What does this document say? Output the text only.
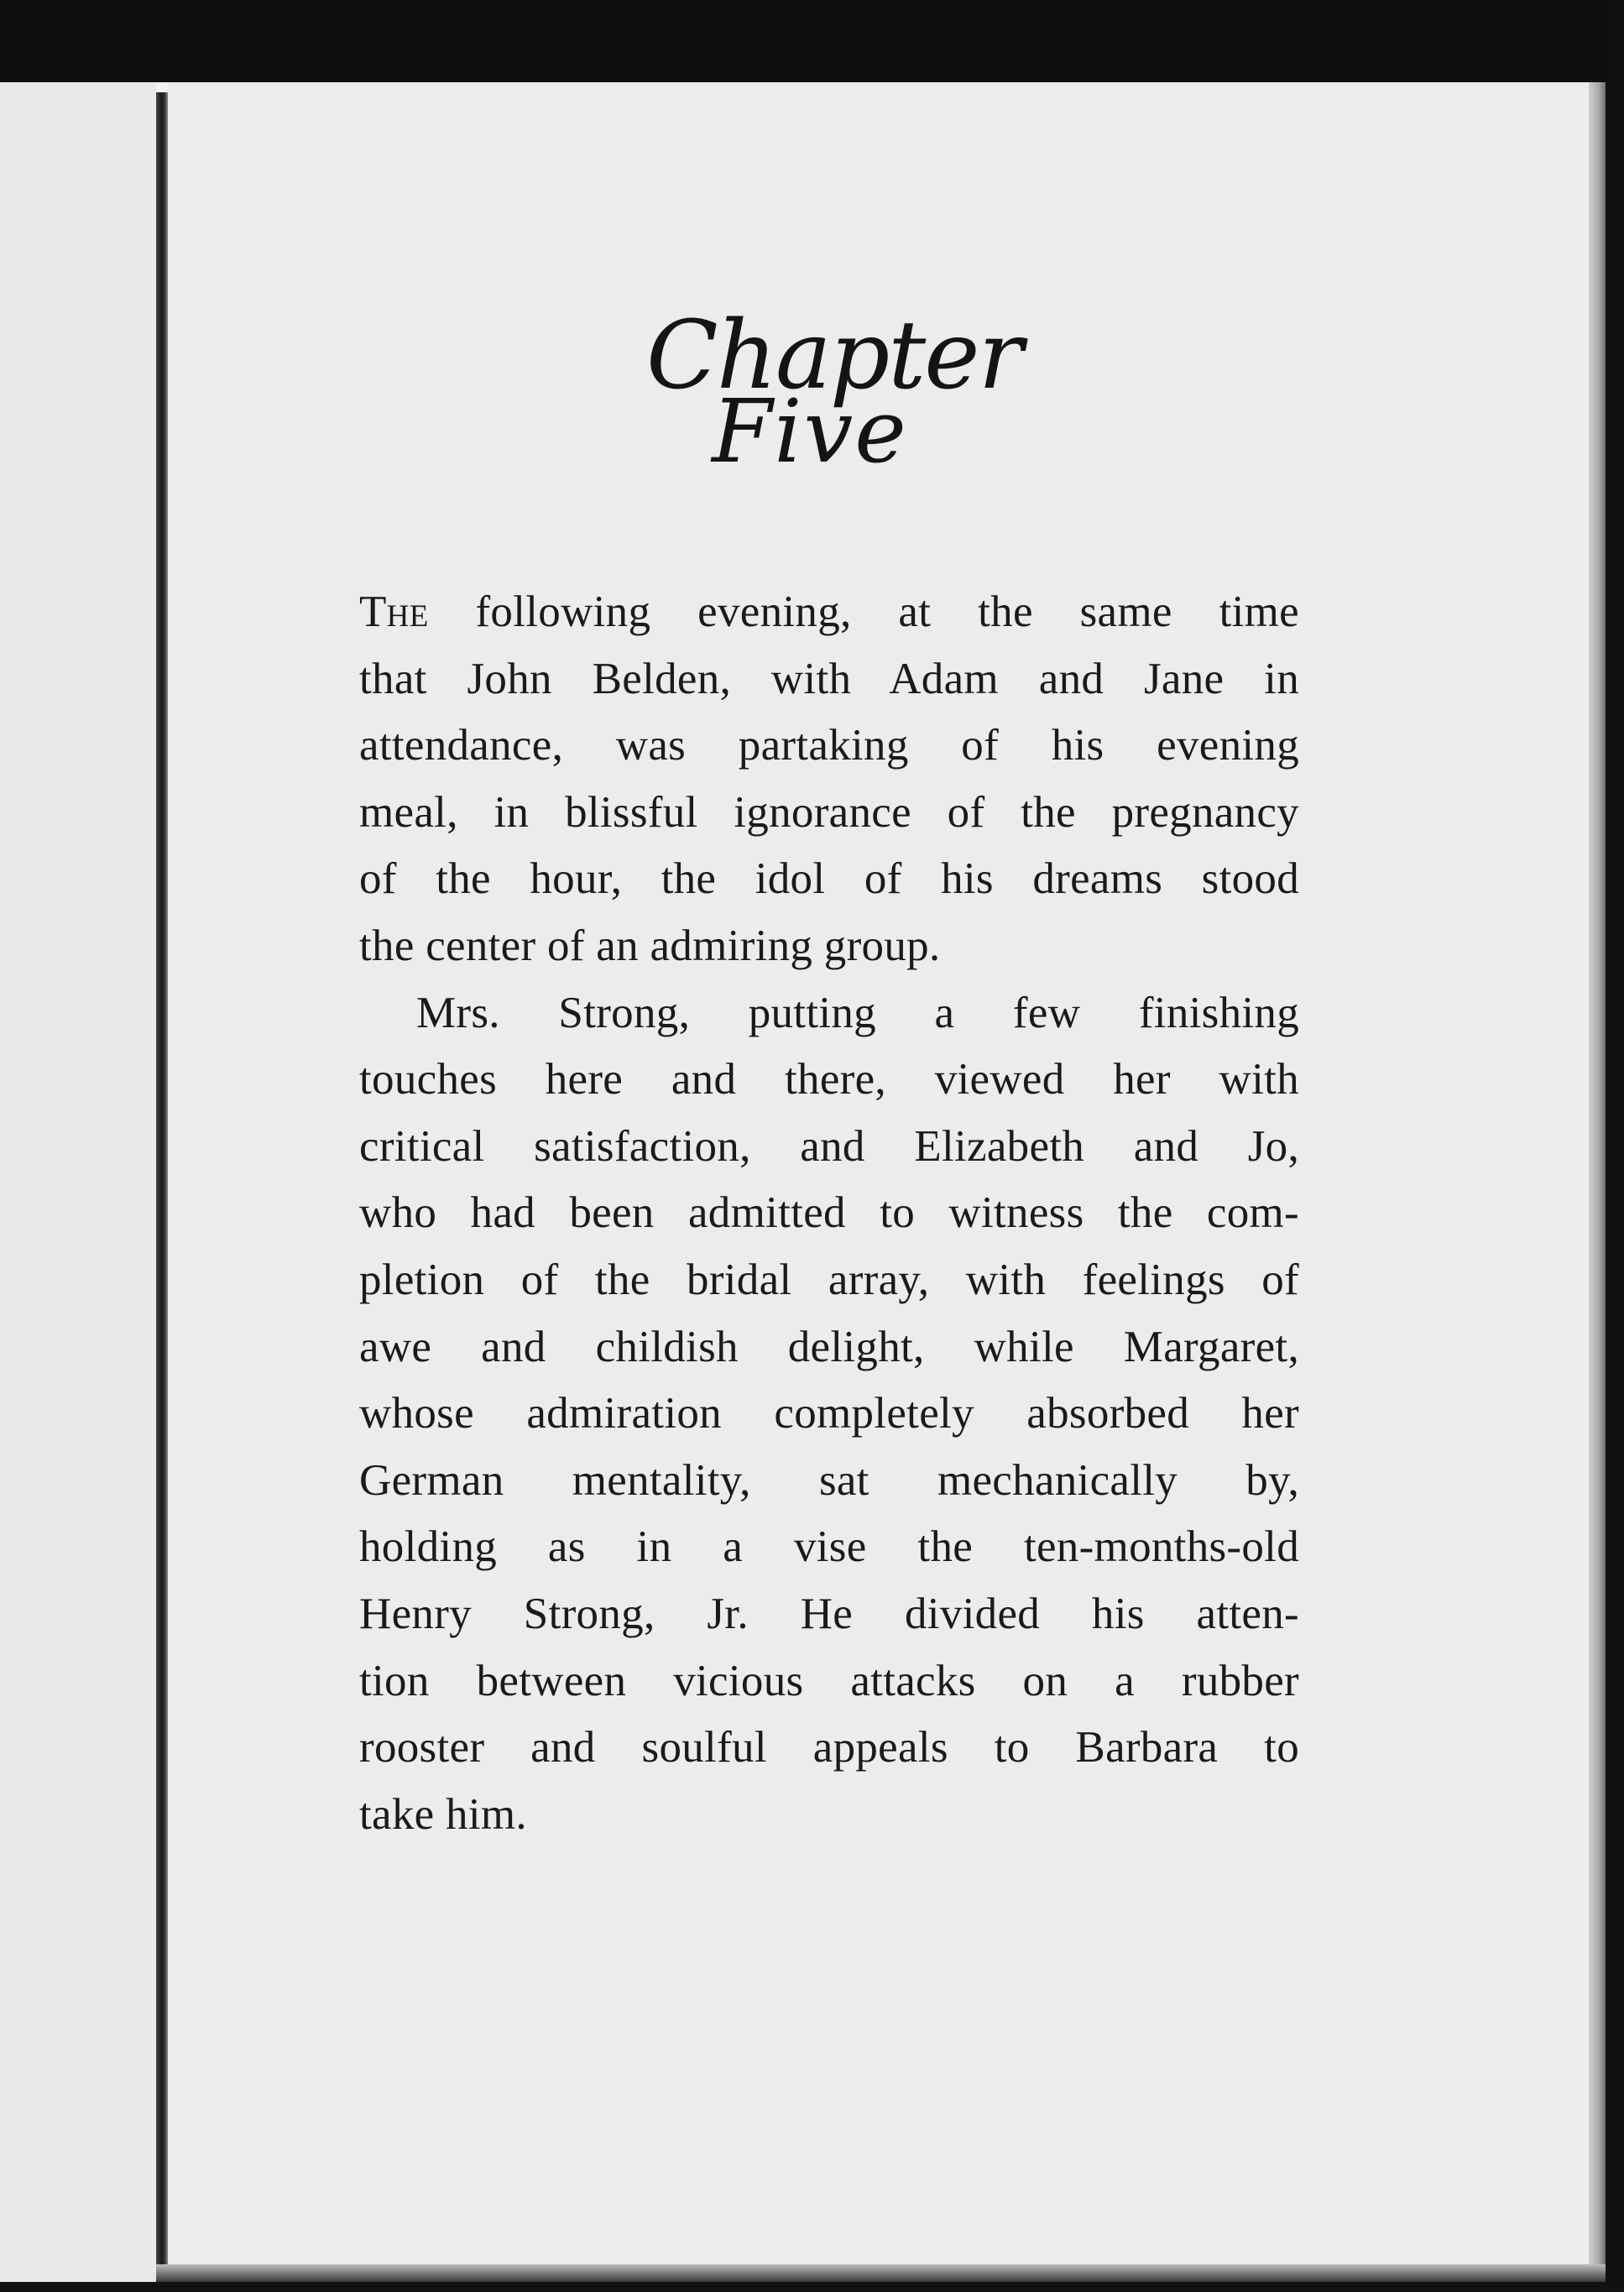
Chapter
Five
The following evening, at the same time
that John Belden, with Adam and Jane in
attendance, was partaking of his evening
meal, in blissful ignorance of the pregnancy
of the hour, the idol of his dreams stood
the center of an admiring group.
Mrs. Strong, putting a few finishing
touches here and there, viewed her with
critical satisfaction, and Elizabeth and Jo,
who had been admitted to witness the com-
pletion of the bridal array, with feelings of
awe and childish delight, while Margaret,
whose admiration completely absorbed her
German mentality, sat mechanically by,
holding as in a vise the ten-months-old
Henry Strong, Jr. He divided his atten-
tion between vicious attacks on a rubber
rooster and soulful appeals to Barbara to
take him.
